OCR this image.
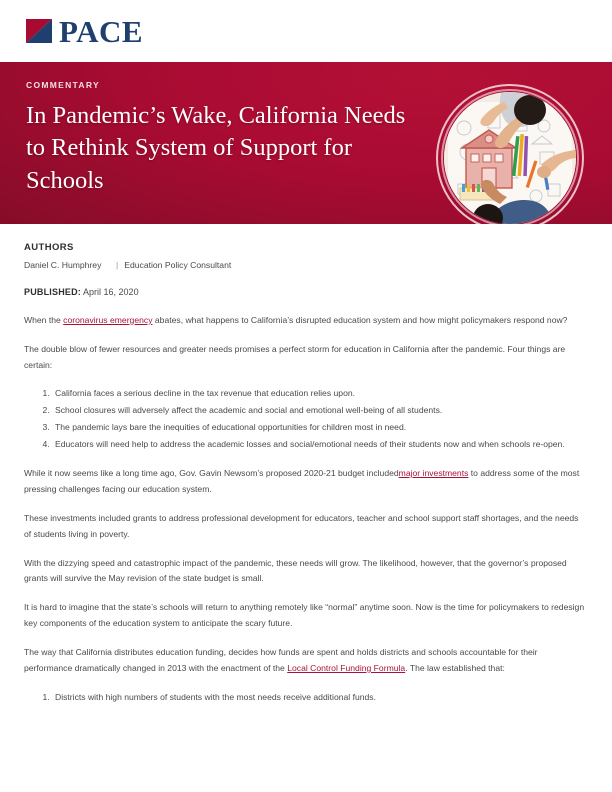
PACE
COMMENTARY
In Pandemic’s Wake, California Needs to Rethink System of Support for Schools
AUTHORS
Daniel C. Humphrey	| Education Policy Consultant
PUBLISHED: April 16, 2020

When the coronavirus emergency abates, what happens to California’s disrupted education system and how might policymakers respond now?

The double blow of fewer resources and greater needs promises a perfect storm for education in California after the pandemic. Four things are certain:

1. California faces a serious decline in the tax revenue that education relies upon.
2. School closures will adversely affect the academic and social and emotional well-being of all students.
3. The pandemic lays bare the inequities of educational opportunities for children most in need.
4. Educators will need help to address the academic losses and social/emotional needs of their students now and when schools re-open.

While it now seems like a long time ago, Gov. Gavin Newsom’s proposed 2020-21 budget includedmajor investments to address some of the most pressing challenges facing our education system.

These investments included grants to address professional development for educators, teacher and school support staff shortages, and the needs of students living in poverty.

With the dizzying speed and catastrophic impact of the pandemic, these needs will grow. The likelihood, however, that the governor’s proposed grants will survive the May revision of the state budget is small.

It is hard to imagine that the state’s schools will return to anything remotely like “normal” anytime soon. Now is the time for policymakers to redesign key components of the education system to anticipate the scary future.

The way that California distributes education funding, decides how funds are spent and holds districts and schools accountable for their performance dramatically changed in 2013 with the enactment of the Local Control Funding Formula. The law established that:

1. Districts with high numbers of students with the most needs receive additional funds.
